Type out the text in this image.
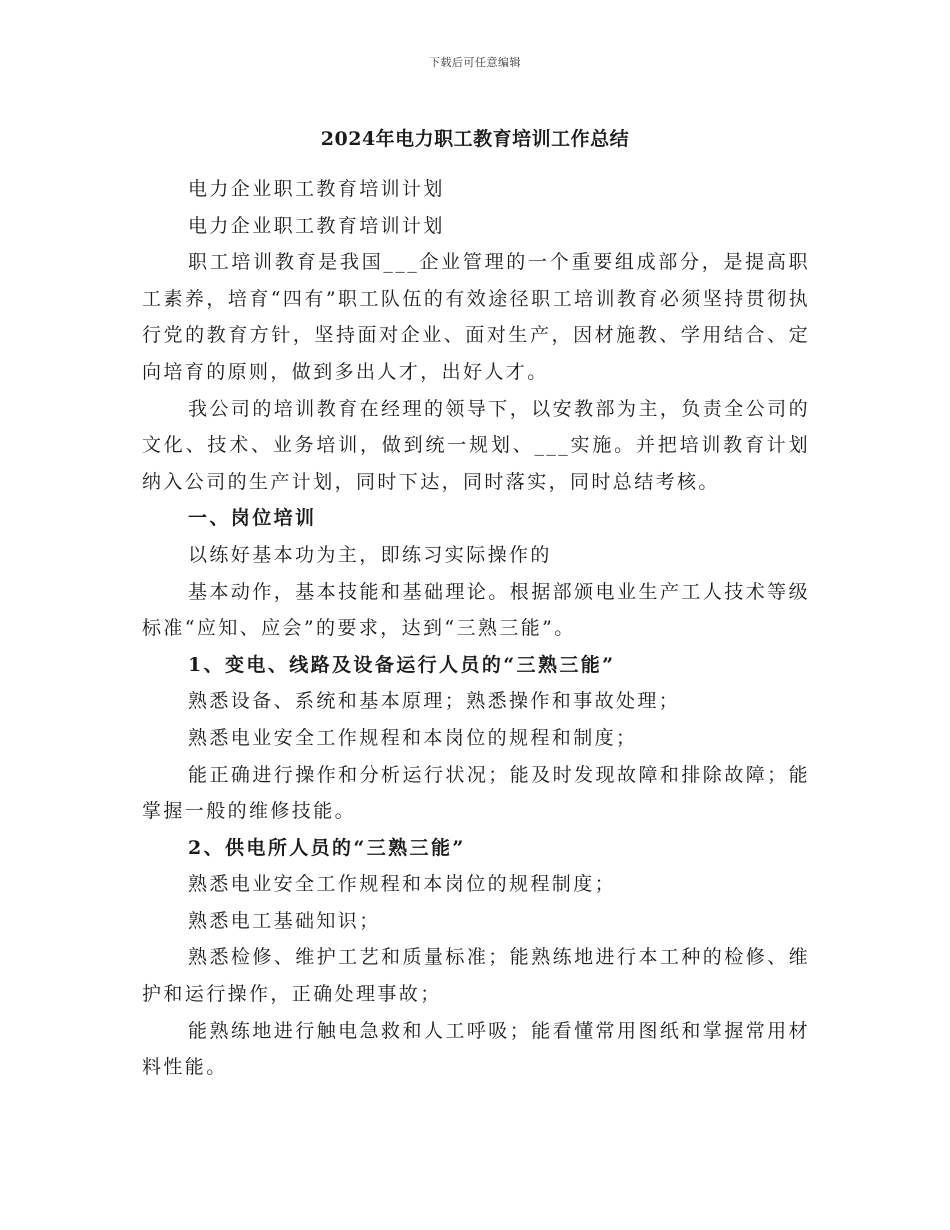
下载后可任意编辑
2024年电力职工教育培训工作总结

电力企业职工教育培训计划

电力企业职工教育培训计划

职工培训教育是我国___企业管理的一个重要组成部分，是提高职工素养，培育“四有”职工队伍的有效途径职工培训教育必须坚持贯彻执行党的教育方针，坚持面对企业、面对生产，因材施教、学用结合、定向培育的原则，做到多出人才，出好人才。

我公司的培训教育在经理的领导下，以安教部为主，负责全公司的文化、技术、业务培训，做到统一规划、___实施。并把培训教育计划纳入公司的生产计划，同时下达，同时落实，同时总结考核。

一、岗位培训

以练好基本功为主，即练习实际操作的

基本动作，基本技能和基础理论。根据部颁电业生产工人技术等级标准“应知、应会”的要求，达到“三熟三能”。

1、变电、线路及设备运行人员的“三熟三能”

熟悉设备、系统和基本原理；熟悉操作和事故处理；

熟悉电业安全工作规程和本岗位的规程和制度；

能正确进行操作和分析运行状况；能及时发现故障和排除故障；能掌握一般的维修技能。

2、供电所人员的“三熟三能”

熟悉电业安全工作规程和本岗位的规程制度；

熟悉电工基础知识；

熟悉检修、维护工艺和质量标准；能熟练地进行本工种的检修、维护和运行操作，正确处理事故；

能熟练地进行触电急救和人工呼吸；能看懂常用图纸和掌握常用材料性能。
